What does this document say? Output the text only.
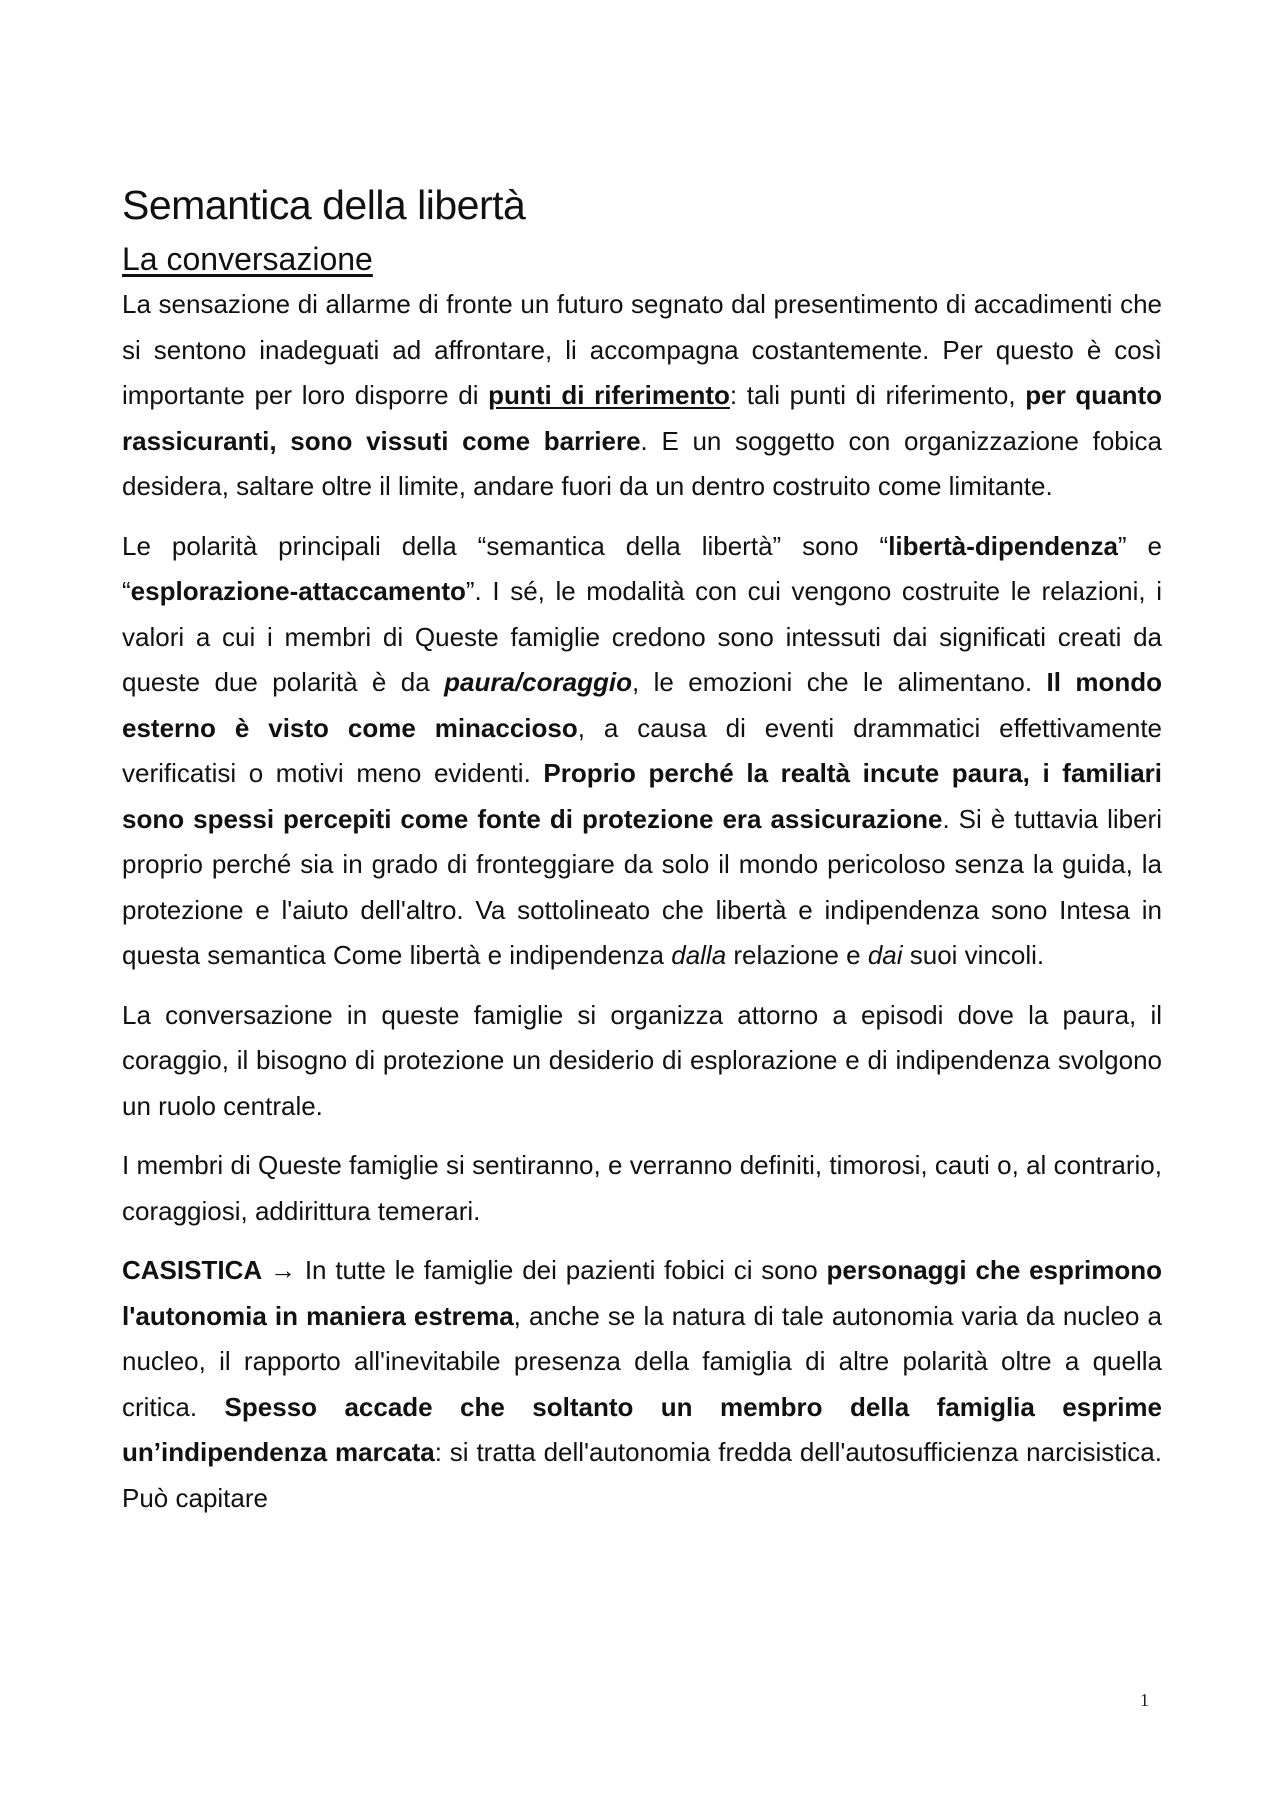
Semantica della libertà
La conversazione

La sensazione di allarme di fronte un futuro segnato dal presentimento di accadimenti che si sentono inadeguati ad affrontare, li accompagna costantemente. Per questo è così importante per loro disporre di punti di riferimento: tali punti di riferimento, per quanto rassicuranti, sono vissuti come barriere. E un soggetto con organizzazione fobica desidera, saltare oltre il limite, andare fuori da un dentro costruito come limitante.

Le polarità principali della “semantica della libertà” sono “libertà-dipendenza” e “esplorazione-attaccamento”. I sé, le modalità con cui vengono costruite le relazioni, i valori a cui i membri di Queste famiglie credono sono intessuti dai significati creati da queste due polarità è da paura/coraggio, le emozioni che le alimentano. Il mondo esterno è visto come minaccioso, a causa di eventi drammatici effettivamente verificatisi o motivi meno evidenti. Proprio perché la realtà incute paura, i familiari sono spessi percepiti come fonte di protezione era assicurazione. Si è tuttavia liberi proprio perché sia in grado di fronteggiare da solo il mondo pericoloso senza la guida, la protezione e l'aiuto dell'altro. Va sottolineato che libertà e indipendenza sono Intesa in questa semantica Come libertà e indipendenza dalla relazione e dai suoi vincoli.

La conversazione in queste famiglie si organizza attorno a episodi dove la paura, il coraggio, il bisogno di protezione un desiderio di esplorazione e di indipendenza svolgono un ruolo centrale.

I membri di Queste famiglie si sentiranno, e verranno definiti, timorosi, cauti o, al contrario, coraggiosi, addirittura temerari.

CASISTICA → In tutte le famiglie dei pazienti fobici ci sono personaggi che esprimono l'autonomia in maniera estrema, anche se la natura di tale autonomia varia da nucleo a nucleo, il rapporto all'inevitabile presenza della famiglia di altre polarità oltre a quella critica. Spesso accade che soltanto un membro della famiglia esprime un’indipendenza marcata: si tratta dell'autonomia fredda dell'autosufficienza narcisistica. Può capitare

1
